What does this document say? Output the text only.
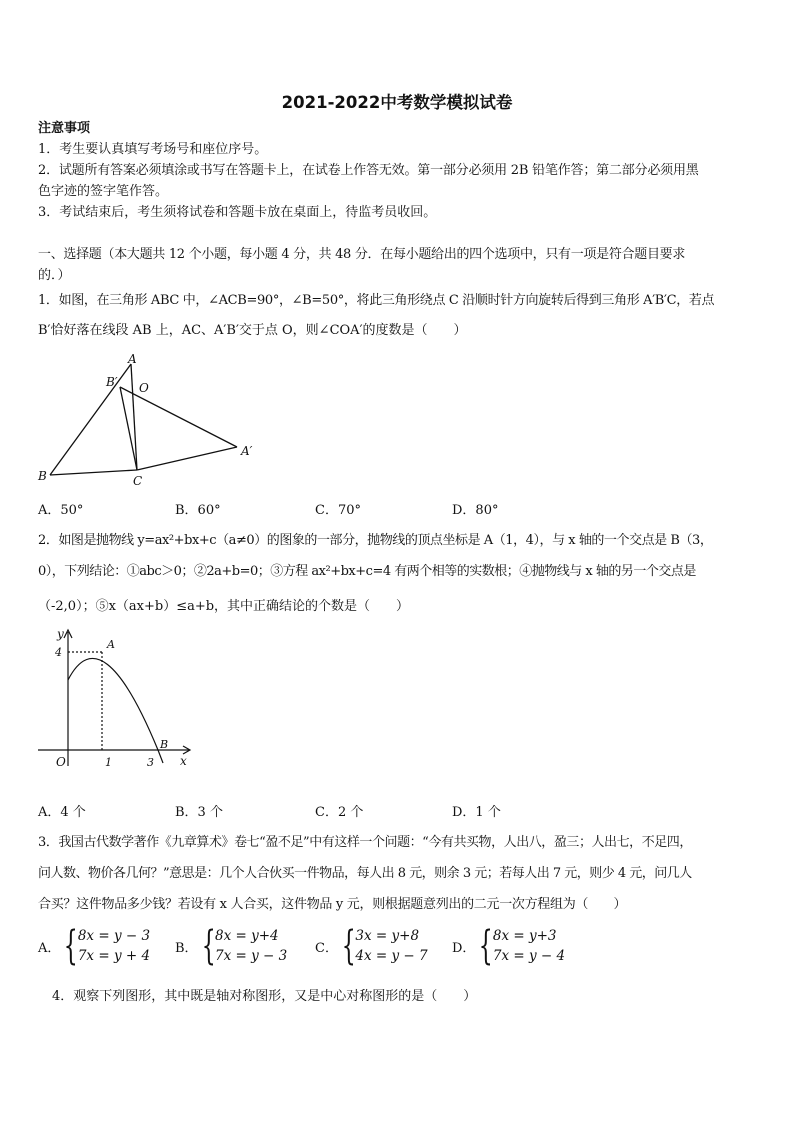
2021-2022中考数学模拟试卷
注意事项
1．考生要认真填写考场号和座位序号。
2．试题所有答案必须填涂或书写在答题卡上，在试卷上作答无效。第一部分必须用 2B 铅笔作答；第二部分必须用黑
色字迹的签字笔作答。
3．考试结束后，考生须将试卷和答题卡放在桌面上，待监考员收回。
一、选择题（本大题共 12 个小题，每小题 4 分，共 48 分．在每小题给出的四个选项中，只有一项是符合题目要求
的．）
1．如图，在三角形 ABC 中，∠ACB=90°，∠B=50°，将此三角形绕点 C 沿顺时针方向旋转后得到三角形 A′B′C，若点
B′恰好落在线段 AB 上，AC、A′B′交于点 O，则∠COA′的度数是（　　）
A
B′ O
A′
B	C
A．50°	B．60°	C．70°	D．80°
2．如图是抛物线 y=ax²+bx+c（a≠0）的图象的一部分，抛物线的顶点坐标是 A（1，4），与 x 轴的一个交点是 B（3，
0），下列结论：①abc＞0；②2a+b=0；③方程 ax²+bx+c=4 有两个相等的实数根；④抛物线与 x 轴的另一个交点是
（-2,0）；⑤x（ax+b）≤a+b，其中正确结论的个数是（　　）
y
4
A
O	1	3
B
x
A．4 个	B．3 个	C．2 个	D．1 个
3．我国古代数学著作《九章算术》卷七“盈不足”中有这样一个问题：“今有共买物，人出八，盈三；人出七，不足四，
问人数、物价各几何？”意思是：几个人合伙买一件物品，每人出 8 元，则余 3 元；若每人出 7 元，则少 4 元，问几人
合买？这件物品多少钱？若设有 x 人合买，这件物品 y 元，则根据题意列出的二元一次方程组为（　　）
A． { 8x = y − 3
7x = y + 4 B． { 8x = y+4
7x = y − 3 C． { 3x = y+8
4x = y − 7 D． { 8x = y+3
7x = y − 4
4．观察下列图形，其中既是轴对称图形，又是中心对称图形的是（　　）
